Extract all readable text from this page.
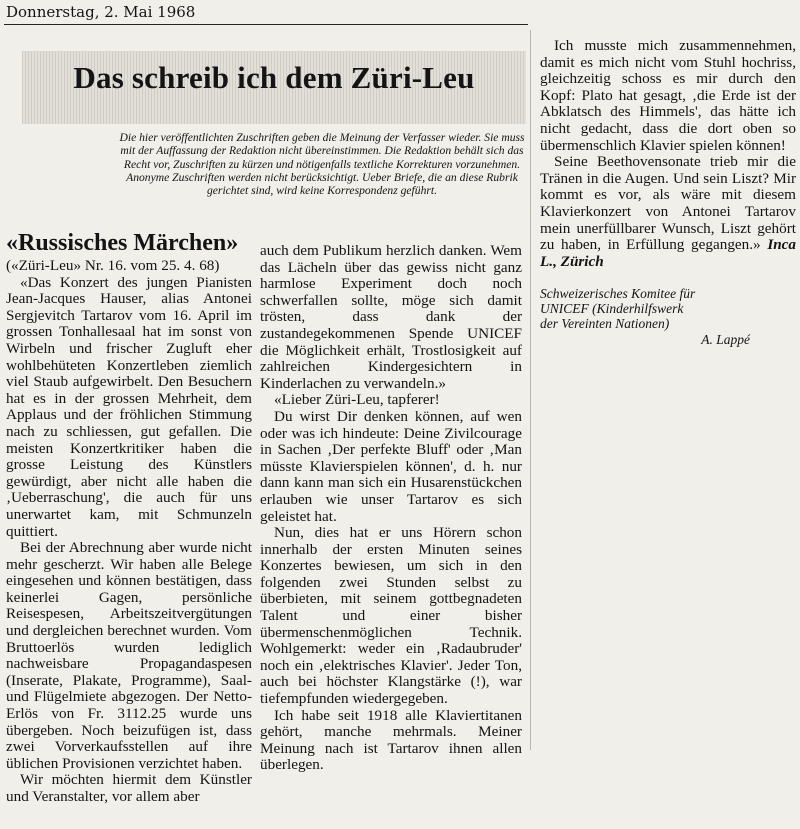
Donnerstag, 2. Mai 1968
Das schreib ich dem Züri-Leu
Die hier veröffentlichten Zuschriften geben die Meinung der Verfasser wieder. Sie muss mit der Auffassung der Redaktion nicht übereinstimmen. Die Redaktion behält sich das Recht vor, Zuschriften zu kürzen und nötigenfalls textliche Korrekturen vorzunehmen. Anonyme Zuschriften werden nicht berücksichtigt. Ueber Briefe, die an diese Rubrik gerichtet sind, wird keine Korrespondenz geführt.
«Russisches Märchen»

(«Züri-Leu» Nr. 16. vom 25. 4. 68)

«Das Konzert des jungen Pianisten Jean-Jacques Hauser, alias Antonei Sergjevitch Tartarov vom 16. April im grossen Tonhallesaal hat im sonst von Wirbeln und frischer Zugluft eher wohlbehüteten Konzertleben ziemlich viel Staub aufgewirbelt. Den Besuchern hat es in der grossen Mehrheit, dem Applaus und der fröhlichen Stimmung nach zu schliessen, gut gefallen. Die meisten Konzertkritiker haben die grosse Leistung des Künstlers gewürdigt, aber nicht alle haben die ‚Ueberraschung', die auch für uns unerwartet kam, mit Schmunzeln quittiert.

Bei der Abrechnung aber wurde nicht mehr gescherzt. Wir haben alle Belege eingesehen und können bestätigen, dass keinerlei Gagen, persönliche Reisespesen, Arbeitszeitvergütungen und dergleichen berechnet wurden. Vom Bruttoerlös wurden lediglich nachweisbare Propagandaspesen (Inserate, Plakate, Programme), Saal- und Flügelmiete abgezogen. Der Netto-Erlös von Fr. 3112.25 wurde uns übergeben. Noch beizufügen ist, dass zwei Vorverkaufsstellen auf ihre üblichen Provisionen verzichtet haben.

Wir möchten hiermit dem Künstler und Veranstalter, vor allem aber

auch dem Publikum herzlich danken. Wem das Lächeln über das gewiss nicht ganz harmlose Experiment doch noch schwerfallen sollte, möge sich damit trösten, dass dank der zustandegekommenen Spende UNICEF die Möglichkeit erhält, Trostlosigkeit auf zahlreichen Kindergesichtern in Kinderlachen zu verwandeln.»

«Lieber Züri-Leu, tapferer!

Du wirst Dir denken können, auf wen oder was ich hindeute: Deine Zivilcourage in Sachen ‚Der perfekte Bluff' oder ‚Man müsste Klavierspielen können', d. h. nur dann kann man sich ein Husarenstückchen erlauben wie unser Tartarov es sich geleistet hat.

Nun, dies hat er uns Hörern schon innerhalb der ersten Minuten seines Konzertes bewiesen, um sich in den folgenden zwei Stunden selbst zu überbieten, mit seinem gottbegnadeten Talent und einer bisher übermenschenmöglichen Technik. Wohlgemerkt: weder ein ‚Radaubruder' noch ein ‚elektrisches Klavier'. Jeder Ton, auch bei höchster Klangstärke (!), war tiefempfunden wiedergegeben.

Ich habe seit 1918 alle Klaviertitanen gehört, manche mehrmals. Meiner Meinung nach ist Tartarov ihnen allen überlegen.

Ich musste mich zusammennehmen, damit es mich nicht vom Stuhl hochriss, gleichzeitig schoss es mir durch den Kopf: Plato hat gesagt, ‚die Erde ist der Abklatsch des Himmels', das hätte ich nicht gedacht, dass die dort oben so übermenschlich Klavier spielen können!

Seine Beethovensonate trieb mir die Tränen in die Augen. Und sein Liszt? Mir kommt es vor, als wäre mit diesem Klavierkonzert von Antonei Tartarov mein unerfüllbarer Wunsch, Liszt gehört zu haben, in Erfüllung gegangen.» Inca L., Zürich

Schweizerisches Komitee für
UNICEF (Kinderhilfswerk
der Vereinten Nationen)

A. Lappé
